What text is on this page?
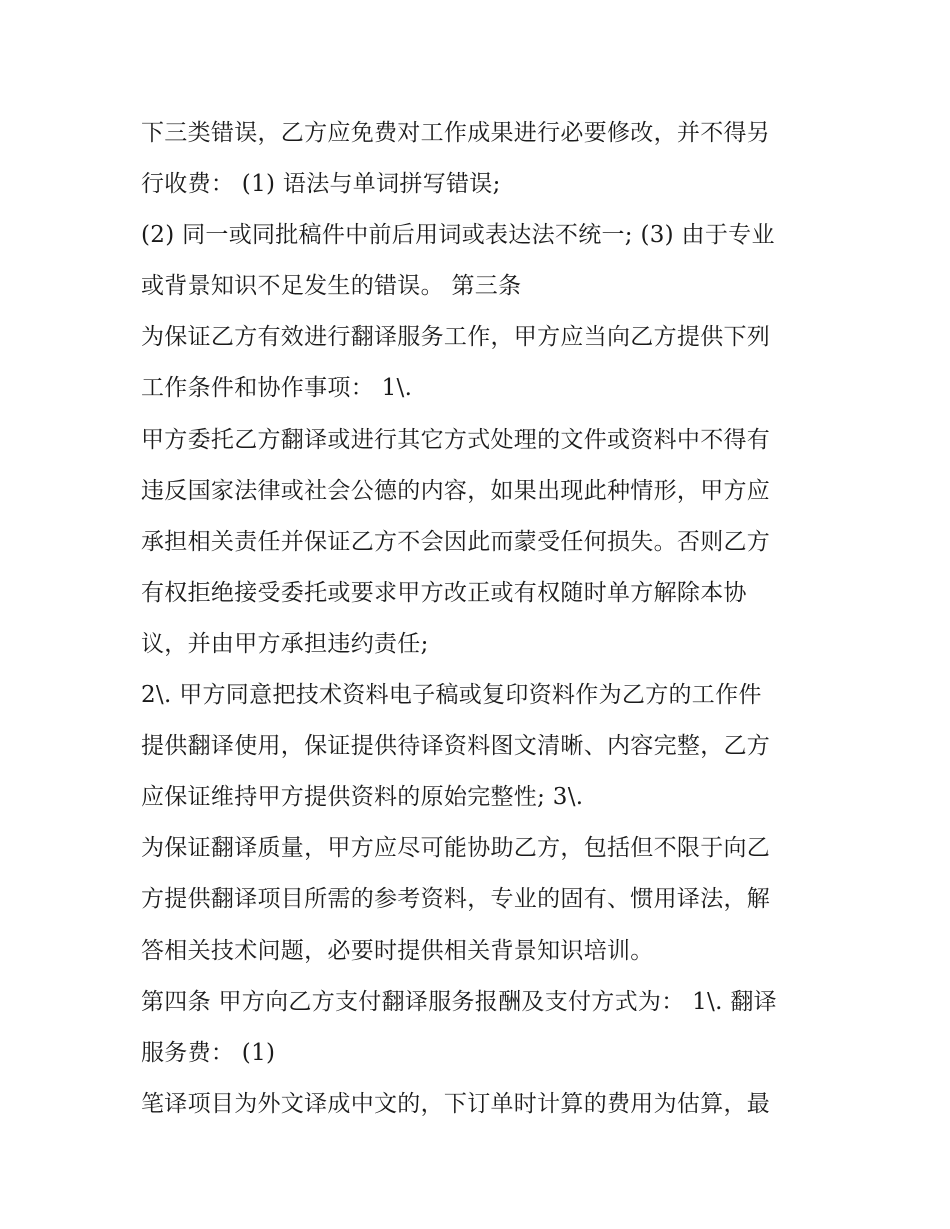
下三类错误，乙方应免费对工作成果进行必要修改，并不得另
行收费： (1) 语法与单词拼写错误;
(2) 同一或同批稿件中前后用词或表达法不统一; (3) 由于专业
或背景知识不足发生的错误。 第三条
为保证乙方有效进行翻译服务工作，甲方应当向乙方提供下列
工作条件和协作事项： 1\.
甲方委托乙方翻译或进行其它方式处理的文件或资料中不得有
违反国家法律或社会公德的内容，如果出现此种情形，甲方应
承担相关责任并保证乙方不会因此而蒙受任何损失。否则乙方
有权拒绝接受委托或要求甲方改正或有权随时单方解除本协
议，并由甲方承担违约责任;
2\. 甲方同意把技术资料电子稿或复印资料作为乙方的工作件
提供翻译使用，保证提供待译资料图文清晰、内容完整，乙方
应保证维持甲方提供资料的原始完整性; 3\.
为保证翻译质量，甲方应尽可能协助乙方，包括但不限于向乙
方提供翻译项目所需的参考资料，专业的固有、惯用译法，解
答相关技术问题，必要时提供相关背景知识培训。
第四条 甲方向乙方支付翻译服务报酬及支付方式为： 1\. 翻译
服务费： (1)
笔译项目为外文译成中文的，下订单时计算的费用为估算，最
